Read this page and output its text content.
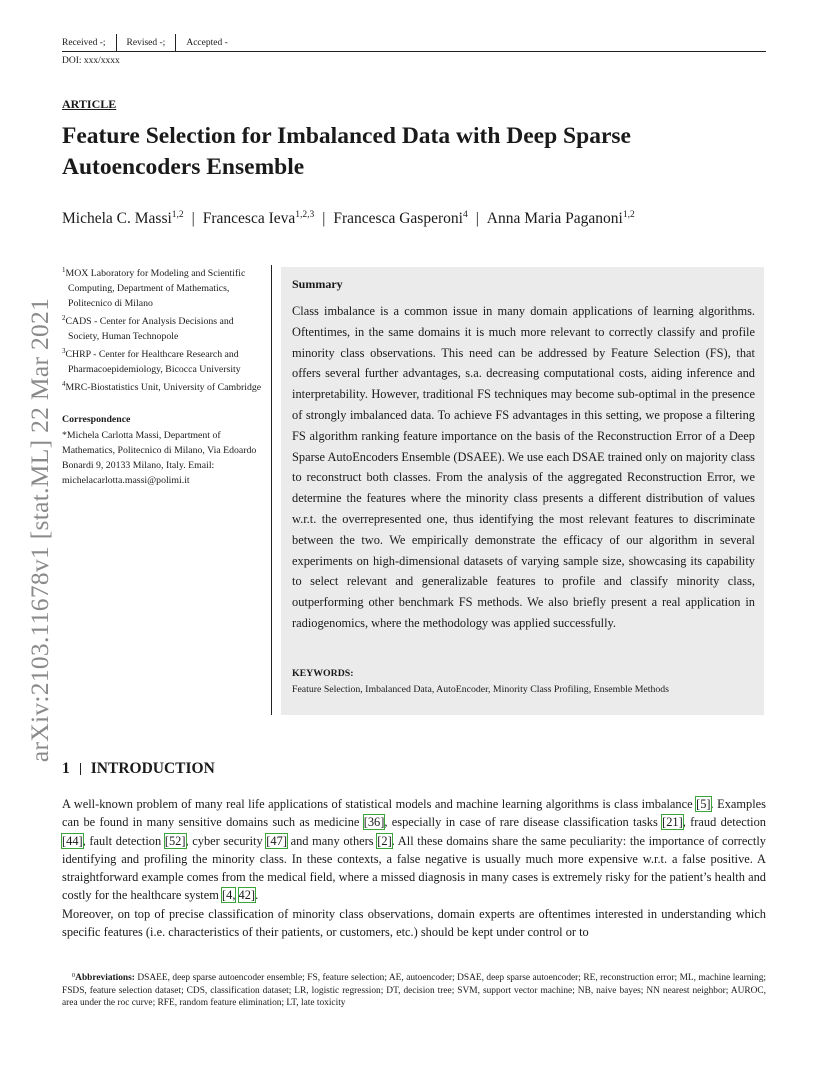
Received -;	Revised -;	Accepted -
DOI: xxx/xxxx
ARTICLE
Feature Selection for Imbalanced Data with Deep Sparse Autoencoders Ensemble
Michela C. Massi$^{1,2}$ | Francesca Ieva$^{1,2,3}$ | Francesca Gasperoni$^4$ | Anna Maria Paganoni$^{1,2}$
arXiv:2103.11678v1 [stat.ML] 22 Mar 2021
$^1$MOX Laboratory for Modeling and Scientific Computing, Department of Mathematics, Politecnico di Milano
$^2$CADS - Center for Analysis Decisions and Society, Human Technopole
$^3$CHRP - Center for Healthcare Research and Pharmacoepidemiology, Bicocca University
$^4$MRC-Biostatistics Unit, University of Cambridge
Correspondence
*Michela Carlotta Massi, Department of Mathematics, Politecnico di Milano, Via Edoardo Bonardi 9, 20133 Milano, Italy. Email: michelacarlotta.massi@polimi.it
Summary
Class imbalance is a common issue in many domain applications of learning algorithms. Oftentimes, in the same domains it is much more relevant to correctly classify and profile minority class observations. This need can be addressed by Feature Selection (FS), that offers several further advantages, s.a. decreasing computational costs, aiding inference and interpretability. However, traditional FS techniques may become sub-optimal in the presence of strongly imbalanced data. To achieve FS advantages in this setting, we propose a filtering FS algorithm ranking feature importance on the basis of the Reconstruction Error of a Deep Sparse AutoEncoders Ensemble (DSAEE). We use each DSAE trained only on majority class to reconstruct both classes. From the analysis of the aggregated Reconstruction Error, we determine the features where the minority class presents a different distribution of values w.r.t. the overrepresented one, thus identifying the most relevant features to discriminate between the two. We empirically demonstrate the efficacy of our algorithm in several experiments on high-dimensional datasets of varying sample size, showcasing its capability to select relevant and generalizable features to profile and classify minority class, outperforming other benchmark FS methods. We also briefly present a real application in radiogenomics, where the methodology was applied successfully.
KEYWORDS:
Feature Selection, Imbalanced Data, AutoEncoder, Minority Class Profiling, Ensemble Methods
1 INTRODUCTION
A well-known problem of many real life applications of statistical models and machine learning algorithms is class imbalance [5]. Examples can be found in many sensitive domains such as medicine [36], especially in case of rare disease classification tasks [21], fraud detection [44], fault detection [52], cyber security [47] and many others [2]. All these domains share the same peculiarity: the importance of correctly identifying and profiling the minority class. In these contexts, a false negative is usually much more expensive w.r.t. a false positive. A straightforward example comes from the medical field, where a missed diagnosis in many cases is extremely risky for the patient’s health and costly for the healthcare system [4, 42].
Moreover, on top of precise classification of minority class observations, domain experts are oftentimes interested in understanding which specific features (i.e. characteristics of their patients, or customers, etc.) should be kept under control or to
$^0$Abbreviations: DSAEE, deep sparse autoencoder ensemble; FS, feature selection; AE, autoencoder; DSAE, deep sparse autoencoder; RE, reconstruction error; ML, machine learning; FSDS, feature selection dataset; CDS, classification dataset; LR, logistic regression; DT, decision tree; SVM, support vector machine; NB, naive bayes; NN nearest neighbor; AUROC, area under the roc curve; RFE, random feature elimination; LT, late toxicity
